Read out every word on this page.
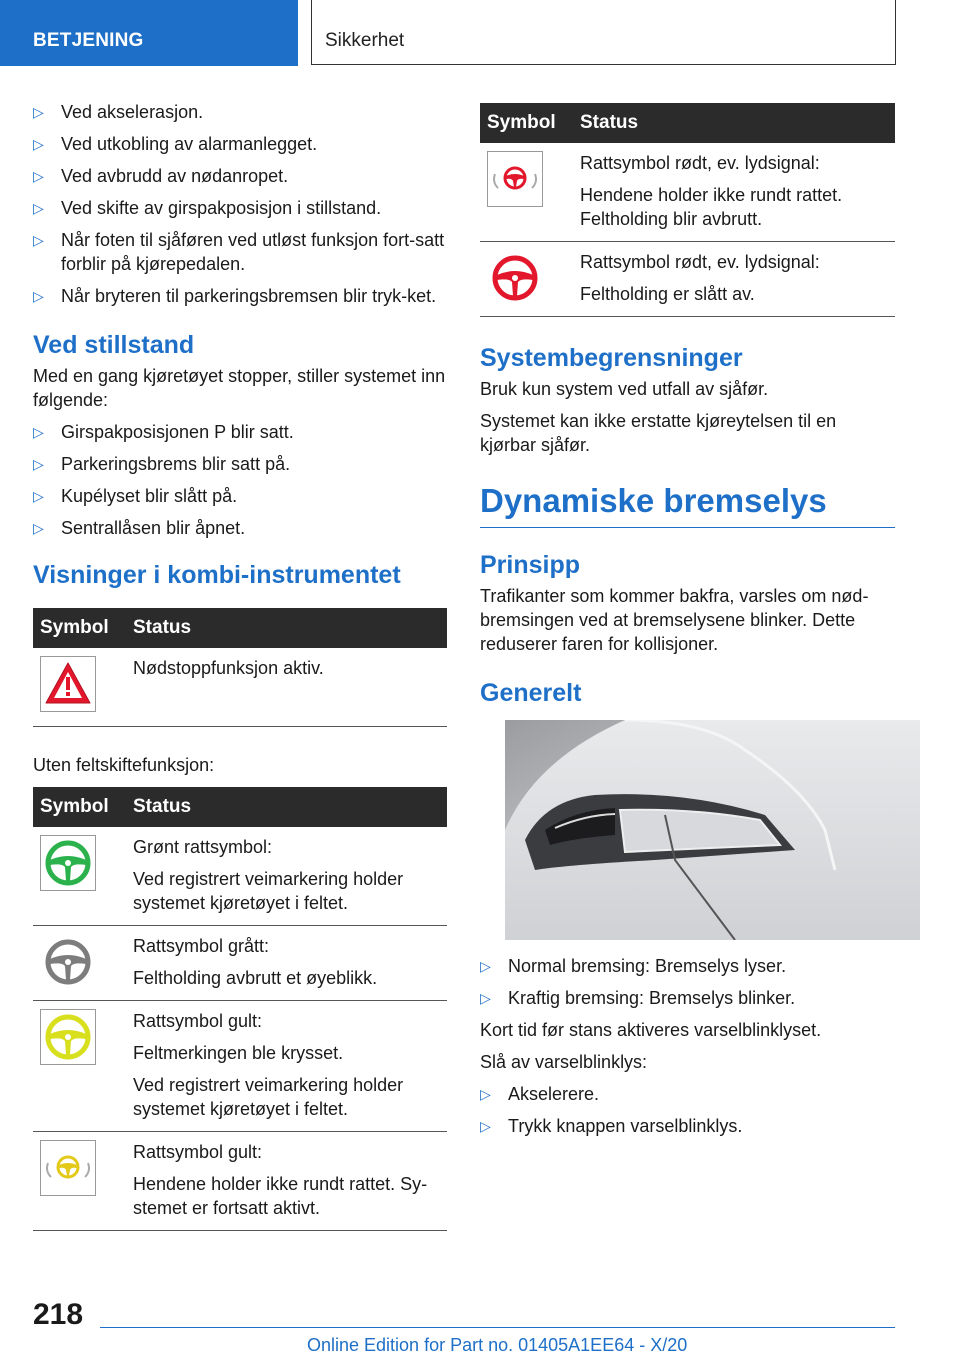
BETJENING	Sikkerhet
▷ Ved akselerasjon.
▷ Ved utkobling av alarmanlegget.
▷ Ved avbrudd av nødanropet.
▷ Ved skifte av girspakposisjon i stillstand.
▷ Når foten til sjåføren ved utløst funksjon fort-satt forblir på kjørepedalen.
▷ Når bryteren til parkeringsbremsen blir tryk-ket.
Ved stillstand

Med en gang kjøretøyet stopper, stiller systemet inn følgende:

▷ Girspakposisjonen P blir satt.
▷ Parkeringsbrems blir satt på.
▷ Kupélyset blir slått på.
▷ Sentrallåsen blir åpnet.
Visninger i kombi-instrumentet
Symbol	Status

Nødstoppfunksjon aktiv.

Uten feltskiftefunksjon:

Symbol	Status

Grønt rattsymbol:
Ved registrert veimarkering holder systemet kjøretøyet i feltet.

Rattsymbol grått:
Feltholding avbrutt et øyeblikk.

Rattsymbol gult:
Feltmerkingen ble krysset.
Ved registrert veimarkering holder systemet kjøretøyet i feltet.

Rattsymbol gult:
Hendene holder ikke rundt rattet. Sy-stemet er fortsatt aktivt.
Symbol	Status

Rattsymbol rødt, ev. lydsignal:
Hendene holder ikke rundt rattet. Feltholding blir avbrutt.

Rattsymbol rødt, ev. lydsignal:
Feltholding er slått av.
Systembegrensninger

Bruk kun system ved utfall av sjåfør.

Systemet kan ikke erstatte kjøreytelsen til en kjørbar sjåfør.

Dynamiske bremselys
Prinsipp

Trafikanter som kommer bakfra, varsles om nød-bremsingen ved at bremselysene blinker. Dette reduserer faren for kollisjoner.

Generelt
▷ Normal bremsing: Bremselys lyser.
▷ Kraftig bremsing: Bremselys blinker.

Kort tid før stans aktiveres varselblinklyset.

Slå av varselblinklys:

▷ Akselerere.
▷ Trykk knappen varselblinklys.
218
Online Edition for Part no. 01405A1EE64 - X/20
